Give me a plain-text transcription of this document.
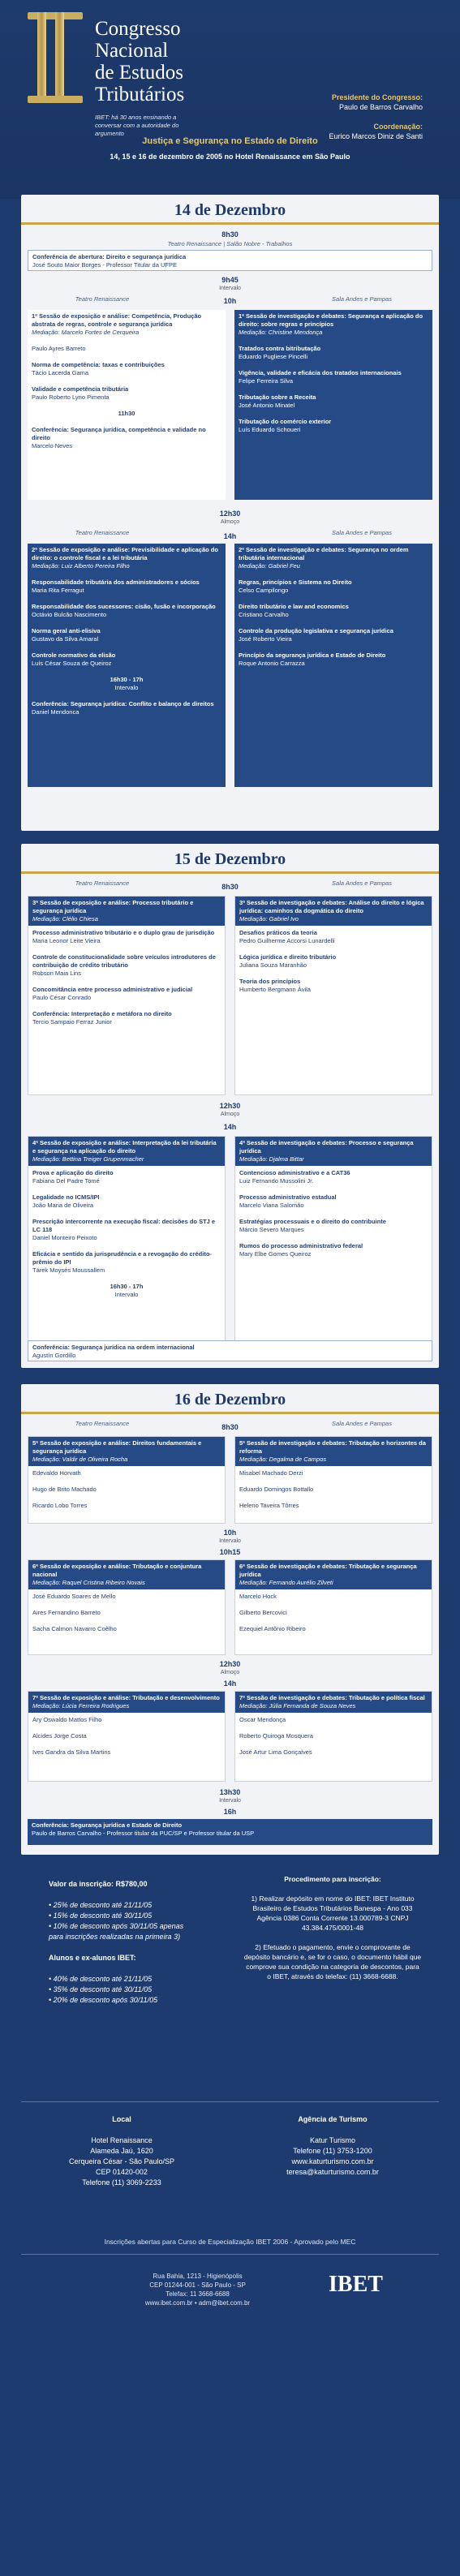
Congresso
Nacional
de Estudos
Tributários
IBET: há 30 anos ensinando a conversar com a autoridade do argumento
Presidente do Congresso:
Paulo de Barros Carvalho

Coordenação:
Eurico Marcos Diniz de Santi
Justiça e Segurança no Estado de Direito
14, 15 e 16 de dezembro de 2005 no Hotel Renaissance em São Paulo
14 de Dezembro
8h30
Teatro Renaissance | Salão Nobre - Trabalhos
Conferência de abertura: Direito e segurança jurídica
José Souto Maior Borges - Professor Titular da UFPE
9h45
Intervalo
Teatro Renaissance	Sala Andes e Pampas
10h
1ª Sessão de exposição e análise: Competência, Produção abstrata de regras, controle e segurança jurídica
Mediação: Marcelo Fortes de Cerqueira

Paulo Ayres Barreto

Norma de competência: taxas e contribuições
Tácio Lacerda Gama

Validade e competência tributária
Paulo Roberto Lyrio Pimenta

11h30

Conferência: Segurança jurídica, competência e validade no direito
Marcelo Neves
1ª Sessão de investigação e debates: Segurança e aplicação do direito: sobre regras e princípios
Mediação: Christine Mendonça

Tratados contra bitributação
Eduardo Pugliese Pincelli

Vigência, validade e eficácia dos tratados internacionais
Felipe Ferreira Silva

Tributação sobre a Receita
José Antonio Minatel

Tributação do comércio exterior
Luís Eduardo Schoueri
12h30
Almoço
Teatro Renaissance	Sala Andes e Pampas
14h
2ª Sessão de exposição e análise: Previsibilidade e aplicação do direito: o controle fiscal e a lei tributária
Mediação: Luiz Alberto Pereira Filho

Responsabilidade tributária dos administradores e sócios
Maria Rita Ferragut

Responsabilidade dos sucessores: cisão, fusão e incorporação
Octávio Bulcão Nascimento

Norma geral anti-elisiva
Gustavo da Silva Amaral

Controle normativo da elisão
Luís César Souza de Queiroz

16h30 - 17h
Intervalo

Conferência: Segurança jurídica: Conflito e balanço de direitos
Daniel Mendonca
2ª Sessão de investigação e debates: Segurança no ordem tributária internacional
Mediação: Gabriel Feu

Regras, princípios e Sistema no Direito
Celso Campilongo

Direito tributário e law and economics
Cristiano Carvalho

Controle da produção legislativa e segurança jurídica
José Roberto Vieira

Princípio da segurança jurídica e Estado de Direito
Roque Antonio Carrazza
15 de Dezembro
Teatro Renaissance	Sala Andes e Pampas
8h30
3ª Sessão de exposição e análise: Processo tributário e segurança jurídica
Mediação: Clélio Chiesa
Processo administrativo tributário e o duplo grau de jurisdição
Maria Leonor Leite Vieira

Controle de constitucionalidade sobre veículos introdutores de contribuição de crédito tributário
Robson Maia Lins

Concomitância entre processo administrativo e judicial
Paulo César Conrado

Conferência: Interpretação e metáfora no direito
Tercio Sampaio Ferraz Junior
3ª Sessão de investigação e debates: Análise do direito e lógica jurídica: caminhos da dogmática do direito
Mediação: Gabriel Ivo
Desafios práticos da teoria
Pedro Guilherme Accorsi Lunardelli

Lógica jurídica e direito tributário
Juliana Souza Maranhão

Teoria dos princípios
Humberto Bergmann Ávila
12h30
Almoço
14h
4ª Sessão de exposição e análise: Interpretação da lei tributária e segurança na aplicação do direito
Mediação: Bettina Treiger Grupenmacher
Prova e aplicação do direito
Fabiana Del Padre Tomé

Legalidade no ICMS/IPI
João Maria de Oliveira

Prescrição intercorrente na execução fiscal: decisões do STJ e LC 118
Daniel Monteiro Peixoto

Eficácia e sentido da jurisprudência e a revogação do crédito-prêmio do IPI
Tárek Moysés Moussallem

16h30 - 17h
Intervalo
4ª Sessão de investigação e debates: Processo e segurança jurídica
Mediação: Djalma Bittar
Contencioso administrativo e a CAT36
Luiz Fernando Mussolini Jr.

Processo administrativo estadual
Marcelo Viana Salomão

Estratégias processuais e o direito do contribuinte
Márcio Severo Marques

Rumos do processo administrativo federal
Mary Elbe Gomes Queiroz
Conferência: Segurança jurídica na ordem internacional
Agustín Gordillo
16 de Dezembro
Teatro Renaissance	Sala Andes e Pampas
8h30
5ª Sessão de exposição e análise: Direitos fundamentais e segurança jurídica
Mediação: Valdir de Oliveira Rocha
Edevaldo Horvath

Hugo de Brito Machado

Ricardo Lobo Torres
5ª Sessão de investigação e debates: Tributação e horizontes da reforma
Mediação: Degalma de Campos
Misabel Machado Derzi

Eduardo Domingos Bottallo

Heleno Taveira Tôrres
10h
Intervalo
10h15
6ª Sessão de exposição e análise: Tributação e conjuntura nacional
Mediação: Raquel Cristina Ribeiro Novais
José Eduardo Soares de Mello

Aires Fernandino Barreto

Sacha Calmon Navarro Coêlho
6ª Sessão de investigação e debates: Tributação e segurança jurídica
Mediação: Fernando Aurélio Zilveti
Marcelo Hock

Gilberto Bercovici

Ezequiel Antônio Ribeiro
12h30
Almoço
14h
7ª Sessão de exposição e análise: Tributação e desenvolvimento
Mediação: Lúcia Ferreira Rodrigues
Ary Oswaldo Mattos Filho

Alcides Jorge Costa

Ives Gandra da Silva Martins
7ª Sessão de investigação e debates: Tributação e política fiscal
Mediação: Júlia Fernanda de Souza Neves
Oscar Mendonça

Roberto Quiroga Mosquera

José Artur Lima Gonçalves
13h30
Intervalo
16h
Conferência: Segurança jurídica e Estado de Direito
Paulo de Barros Carvalho - Professor titular da PUC/SP e Professor titular da USP
Valor da inscrição: R$780,00

• 25% de desconto até 21/11/05
• 15% de desconto até 30/11/05
• 10% de desconto após 30/11/05 apenas
para inscrições realizadas na primeira 3)

Alunos e ex-alunos IBET:

• 40% de desconto até 21/11/05
• 35% de desconto até 30/11/05
• 20% de desconto após 30/11/05
Procedimento para inscrição:

1) Realizar depósito em nome do IBET: IBET Instituto Brasileiro de Estudos Tributários Banespa - Ano 033 Agência 0386 Conta Corrente 13.000789-3 CNPJ 43.384.475/0001-48

2) Efetuado o pagamento, envie o comprovante de depósito bancário e, se for o caso, o documento hábil que comprove sua condição na categoria de descontos, para o IBET, através do telefax: (11) 3668-6688.
Local

Hotel Renaissance
Alameda Jaú, 1620
Cerqueira César - São Paulo/SP
CEP 01420-002
Telefone (11) 3069-2233
Agência de Turismo

Katur Turismo
Telefone (11) 3753-1200
www.katurturismo.com.br
teresa@katurturismo.com.br
Inscrições abertas para Curso de Especialização IBET 2006 - Aprovado pelo MEC
Rua Bahia, 1213 - Higienópolis
CEP 01244-001 - São Paulo - SP
Telefax: 11 3668-6688
www.ibet.com.br • adm@ibet.com.br
IBET
